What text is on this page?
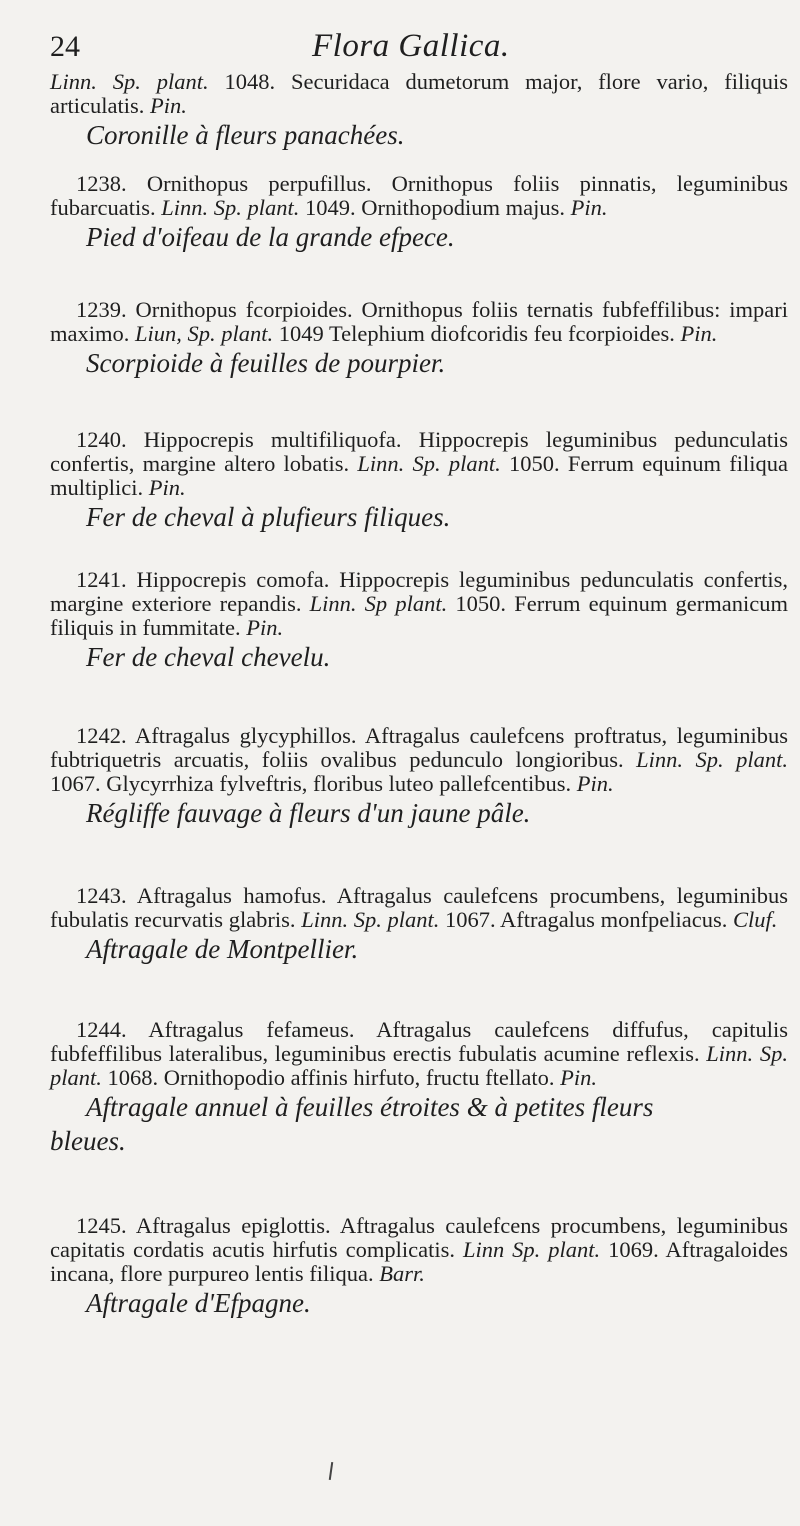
24	Flora Gallica.

Linn. Sp. plant. 1048. Securidaca dumetorum major, flore vario, filiquis articulatis. Pin.

Coronille à fleurs panachées.

1238. Ornithopus perpufillus. Ornithopus foliis pinnatis, leguminibus fubarcuatis. Linn. Sp. plant. 1049. Ornithopodium majus. Pin.

Pied d'oifeau de la grande efpece.

1239. Ornithopus fcorpioides. Ornithopus foliis ternatis fubfeffilibus: impari maximo. Liun, Sp. plant. 1049 Telephium diofcoridis feu fcorpioides. Pin.

Scorpioide à feuilles de pourpier.

1240. Hippocrepis multifiliquofa. Hippocrepis leguminibus pedunculatis confertis, margine altero lobatis. Linn. Sp. plant. 1050. Ferrum equinum filiqua multiplici. Pin.

Fer de cheval à plufieurs filiques.

1241. Hippocrepis comofa. Hippocrepis leguminibus pedunculatis confertis, margine exteriore repandis. Linn. Sp plant. 1050. Ferrum equinum germanicum filiquis in fummitate. Pin.

Fer de cheval chevelu.

1242. Aftragalus glycyphillos. Aftragalus caulefcens proftratus, leguminibus fubtriquetris arcuatis, foliis ovalibus pedunculo longioribus. Linn. Sp. plant. 1067. Glycyrrhiza fylveftris, floribus luteo pallefcentibus. Pin.

Régliffe fauvage à fleurs d'un jaune pâle.

1243. Aftragalus hamofus. Aftragalus caulefcens procumbens, leguminibus fubulatis recurvatis glabris. Linn. Sp. plant. 1067. Aftragalus monfpeliacus. Cluf.

Aftragale de Montpellier.

1244. Aftragalus fefameus. Aftragalus caulefcens diffufus, capitulis fubfeffilibus lateralibus, leguminibus erectis fubulatis acumine reflexis. Linn. Sp. plant. 1068. Ornithopodio affinis hirfuto, fructu ftellato. Pin.

Aftragale annuel à feuilles étroites & à petites fleurs

bleues.

1245. Aftragalus epiglottis. Aftragalus caulefcens procumbens, leguminibus capitatis cordatis acutis hirfutis complicatis. Linn Sp. plant. 1069. Aftragaloides incana, flore purpureo lentis filiqua. Barr.

Aftragale d'Efpagne.
